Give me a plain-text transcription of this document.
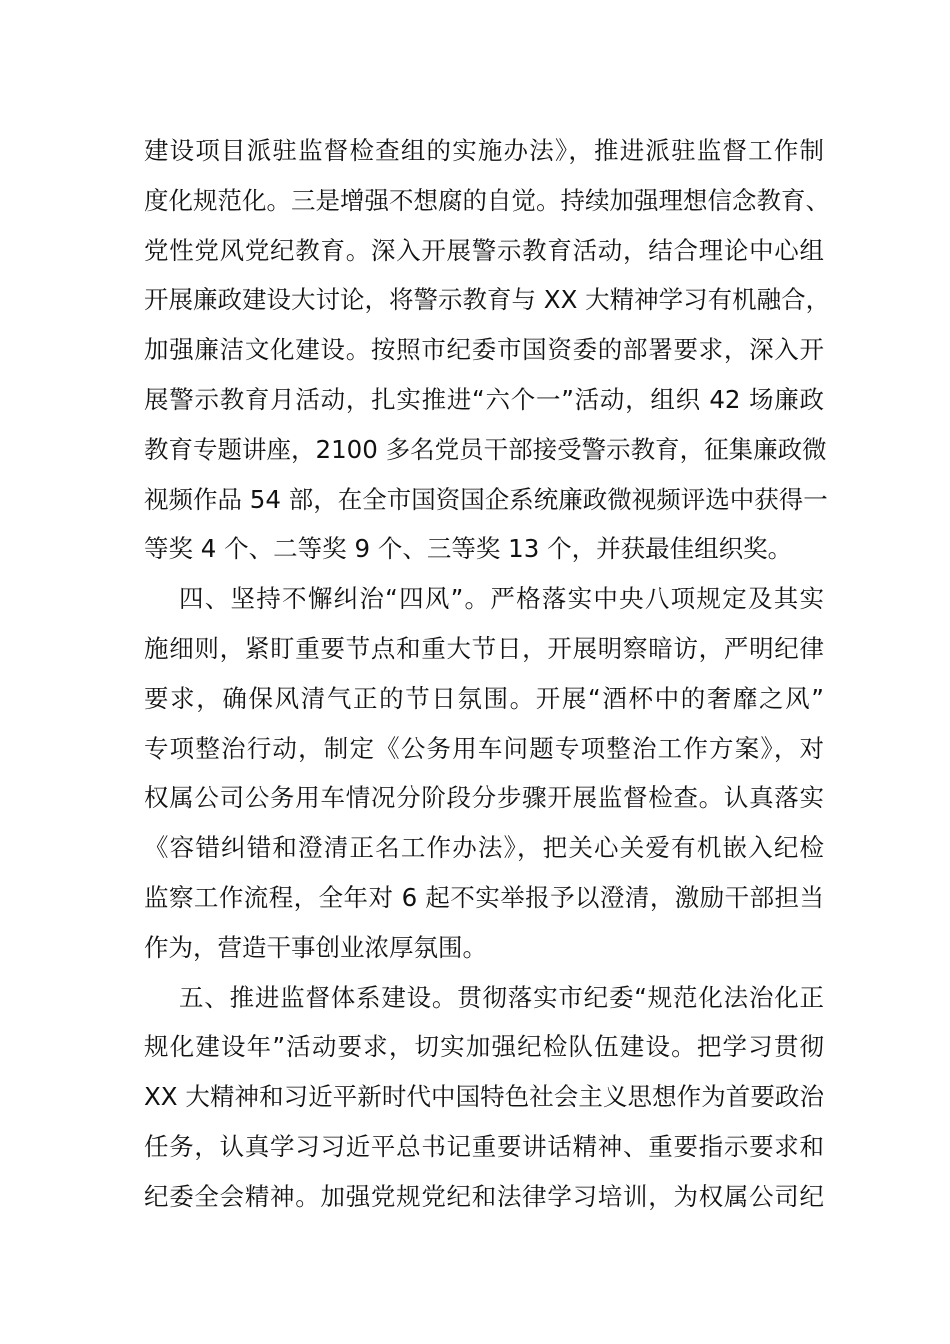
建设项目派驻监督检查组的实施办法》，推进派驻监督工作制
度化规范化。三是增强不想腐的自觉。持续加强理想信念教育、
党性党风党纪教育。深入开展警示教育活动，结合理论中心组
开展廉政建设大讨论，将警示教育与 XX 大精神学习有机融合，
加强廉洁文化建设。按照市纪委市国资委的部署要求，深入开
展警示教育月活动，扎实推进“六个一”活动，组织 42 场廉政
教育专题讲座，2100 多名党员干部接受警示教育，征集廉政微
视频作品 54 部，在全市国资国企系统廉政微视频评选中获得一
等奖 4 个、二等奖 9 个、三等奖 13 个，并获最佳组织奖。
四、坚持不懈纠治“四风”。严格落实中央八项规定及其实
施细则，紧盯重要节点和重大节日，开展明察暗访，严明纪律
要求，确保风清气正的节日氛围。开展“酒杯中的奢靡之风”
专项整治行动，制定《公务用车问题专项整治工作方案》，对
权属公司公务用车情况分阶段分步骤开展监督检查。认真落实
《容错纠错和澄清正名工作办法》，把关心关爱有机嵌入纪检
监察工作流程，全年对 6 起不实举报予以澄清，激励干部担当
作为，营造干事创业浓厚氛围。
五、推进监督体系建设。贯彻落实市纪委“规范化法治化正
规化建设年”活动要求，切实加强纪检队伍建设。把学习贯彻
XX 大精神和习近平新时代中国特色社会主义思想作为首要政治
任务，认真学习习近平总书记重要讲话精神、重要指示要求和
纪委全会精神。加强党规党纪和法律学习培训，为权属公司纪
